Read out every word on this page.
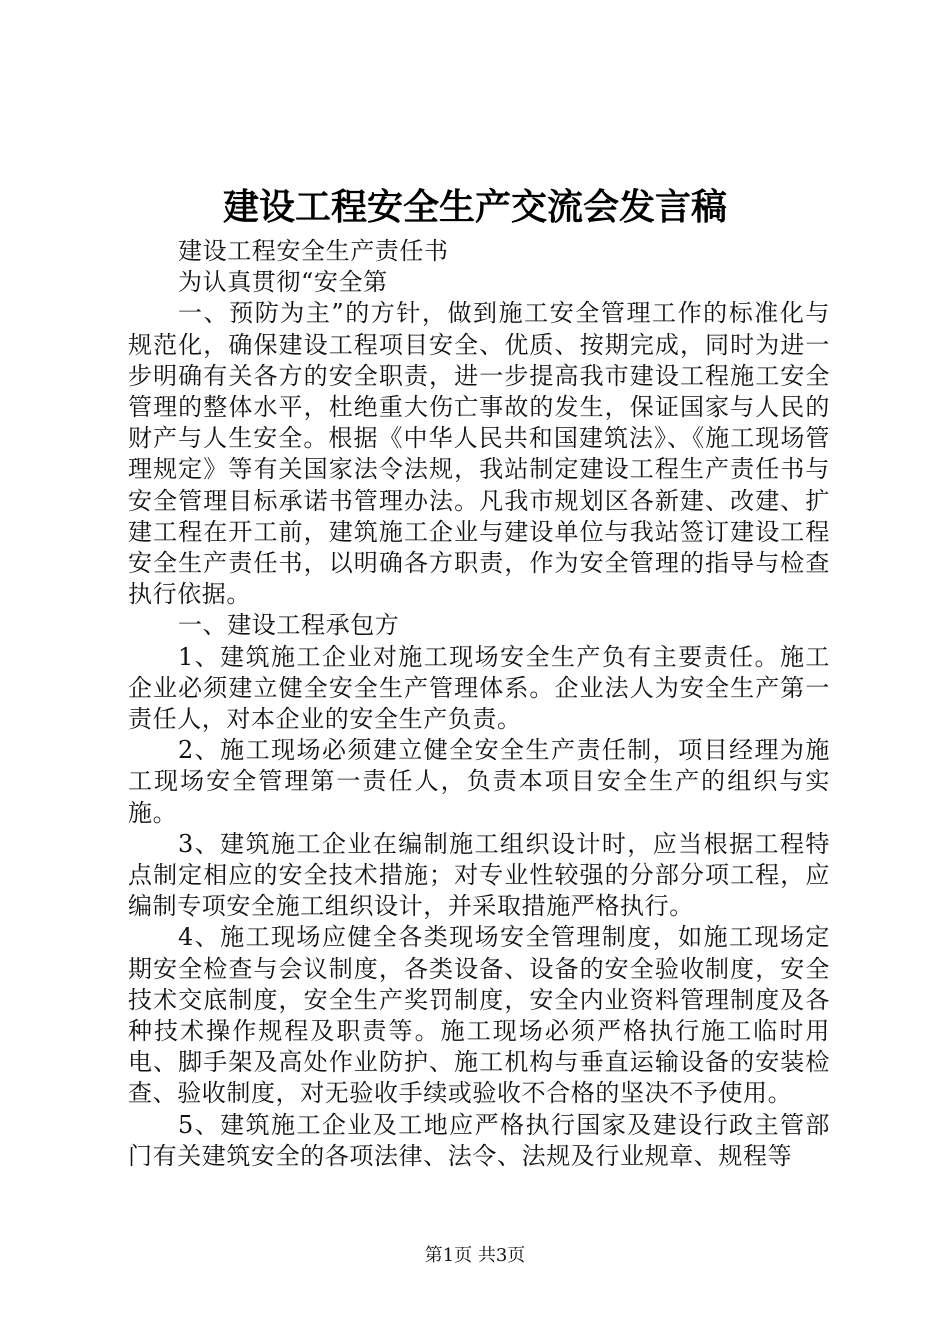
建设工程安全生产交流会发言稿

建设工程安全生产责任书

为认真贯彻“安全第

一、预防为主”的方针，做到施工安全管理工作的标准化与规范化，确保建设工程项目安全、优质、按期完成，同时为进一步明确有关各方的安全职责，进一步提高我市建设工程施工安全管理的整体水平，杜绝重大伤亡事故的发生，保证国家与人民的财产与人生安全。根据《中华人民共和国建筑法》、《施工现场管理规定》等有关国家法令法规，我站制定建设工程生产责任书与安全管理目标承诺书管理办法。凡我市规划区各新建、改建、扩建工程在开工前，建筑施工企业与建设单位与我站签订建设工程安全生产责任书，以明确各方职责，作为安全管理的指导与检查执行依据。

一、建设工程承包方

1、建筑施工企业对施工现场安全生产负有主要责任。施工企业必须建立健全安全生产管理体系。企业法人为安全生产第一责任人，对本企业的安全生产负责。

2、施工现场必须建立健全安全生产责任制，项目经理为施工现场安全管理第一责任人，负责本项目安全生产的组织与实施。

3、建筑施工企业在编制施工组织设计时，应当根据工程特点制定相应的安全技术措施；对专业性较强的分部分项工程，应编制专项安全施工组织设计，并采取措施严格执行。

4、施工现场应健全各类现场安全管理制度，如施工现场定期安全检查与会议制度，各类设备、设备的安全验收制度，安全技术交底制度，安全生产奖罚制度，安全内业资料管理制度及各种技术操作规程及职责等。施工现场必须严格执行施工临时用电、脚手架及高处作业防护、施工机构与垂直运输设备的安装检查、验收制度，对无验收手续或验收不合格的坚决不予使用。

5、建筑施工企业及工地应严格执行国家及建设行政主管部门有关建筑安全的各项法律、法令、法规及行业规章、规程等

第1页 共3页
